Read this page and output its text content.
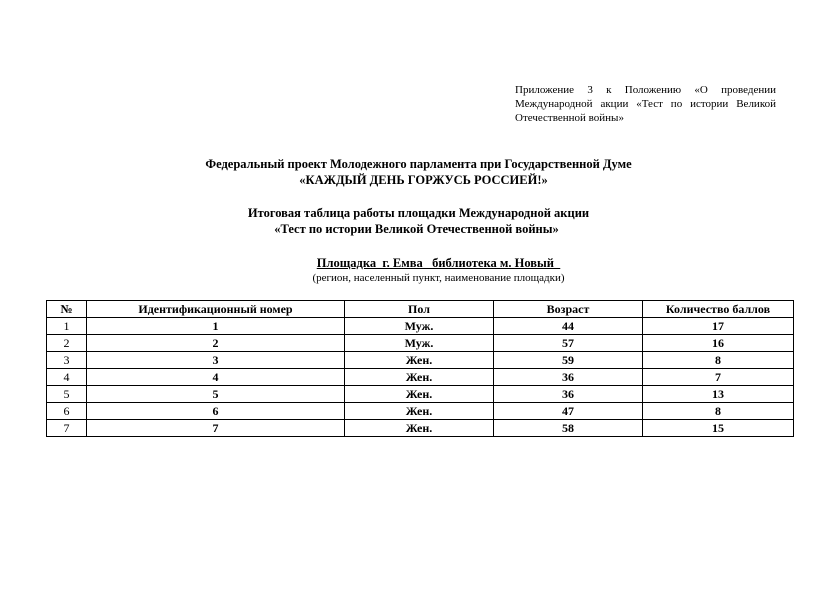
Приложение 3 к Положению «О проведении
Международной акции «Тест по истории Великой
Отечественной войны»
Федеральный проект Молодежного парламента при Государственной Думе
«КАЖДЫЙ ДЕНЬ ГОРЖУСЬ РОССИЕЙ!»
Итоговая таблица работы площадки Международной акции
«Тест по истории Великой Отечественной войны»
Площадка  г. Емва   библиотека м. Новый
(регион, населенный пункт, наименование площадки)
№	Идентификационный номер	Пол	Возраст	Количество баллов
1	1	Муж.	44	17
2	2	Муж.	57	16
3	3	Жен.	59	8
4	4	Жен.	36	7
5	5	Жен.	36	13
6	6	Жен.	47	8
7	7	Жен.	58	15
